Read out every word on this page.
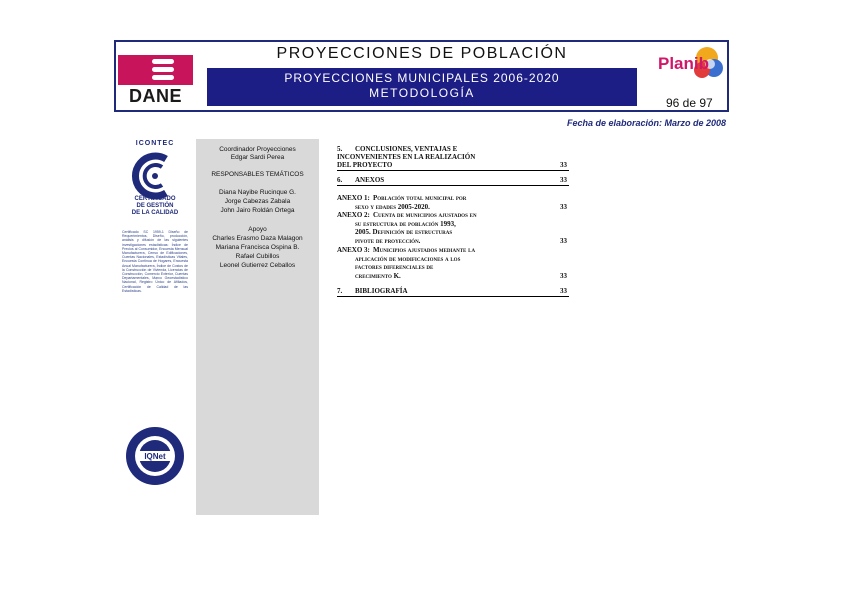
DANE
PROYECCIONES DE POBLACIÓN
PROYECCIONES MUNICIPALES 2006-2020
METODOLOGÍA
Planib
96 de 97
Fecha de elaboración: Marzo de 2008
ICONTEC
CERTIFICADO
DE GESTIÓN
DE LA CALIDAD
Certificado SC 1959-1 Diseño de Requerimientos, Diseño, producción, análisis y difusión de las siguientes investigaciones estadísticas: Índice de Precios al Consumidor, Encuesta Mensual Manufacturera, Censo de Edificaciones, Cuentas Nacionales, Estadísticas Vitales, Encuesta Continua de Hogares, Encuesta Anual Manufacturera, Índice de Costos de la Construcción de Vivienda, Licencias de Construcción, Comercio Exterior, Cuentas Departamentales, Marco Geoestadístico Nacional, Registro Único de Afiliados, Certificación de Calidad de las Estadísticas.
IQNet
Coordinador Proyecciones
Edgar Sardi Perea
RESPONSABLES TEMÁTICOS
Diana Nayibe Rucinque G.
Jorge Cabezas Zabala
John Jairo Roldán Ortega
Apoyo
Charles Erasmo Daza Malagon
Mariana Francisca Ospina B.
Rafael Cubillos
Leonel Gutierrez Ceballos
5. CONCLUSIONES, VENTAJAS E

INCONVENIENTES EN LA REALIZACIÓN
DEL PROYECTO	33
6. ANEXOS	33
ANEXO 1: Población total municipal por

sexo y edades 2005-2020.	33
ANEXO 2: Cuenta de municipios ajustados en

su estructura de población 1993,
2005. Definición de estructuras
pivote de proyección.	33
ANEXO 3: Municipios ajustados mediante la

aplicación de modificaciones a los
factores diferenciales de
crecimiento K.	33
7. BIBLIOGRAFÍA	33
